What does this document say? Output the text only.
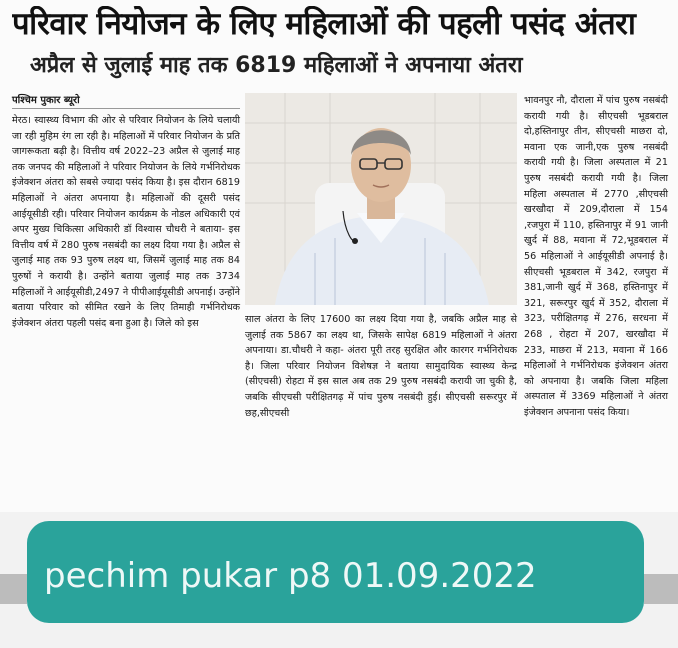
परिवार नियोजन के लिए महिलाओं की पहली पसंद अंतरा
अप्रैल से जुलाई माह तक 6819 महिलाओं ने अपनाया अंतरा
पश्चिम पुकार ब्यूरो

मेरठ। स्वास्थ्य विभाग की ओर से परिवार नियोजन के लिये चलायी जा रही मुहिम रंग ला रही है। महिलाओं में परिवार नियोजन के प्रति जागरूकता बढ़ी है। वित्तीय वर्ष 2022–23 अप्रैल से जुलाई माह तक जनपद की महिलाओं ने परिवार नियोजन के लिये गर्भनिरोधक इंजेक्शन अंतरा को सबसे ज्यादा पसंद किया है। इस दौरान 6819 महिलाओं ने अंतरा अपनाया है। महिलाओं की दूसरी पसंद आईयूसीडी रही। परिवार नियोजन कार्यक्रम के नोडल अधिकारी एवं अपर मुख्य चिकित्सा अधिकारी डॉ विश्वास चौधरी ने बताया- इस वित्तीय वर्ष में 280 पुरुष नसबंदी का लक्ष्य दिया गया है। अप्रैल से जुलाई माह तक 93 पुरुष लक्ष्य था, जिसमें जुलाई माह तक 84 पुरुषों ने करायी है। उन्होंने बताया जुलाई माह तक 3734 महिलाओं ने आईयूसीडी,2497 ने पीपीआईयूसीडी अपनाई। उन्होंने बताया परिवार को सीमित रखने के लिए तिमाही गर्भनिरोधक इंजेक्शन अंतरा पहली पसंद बना हुआ है। जिले को इस	साल अंतरा के लिए 17600 का लक्ष्य दिया गया है, जबकि अप्रैल माह से जुलाई तक 5867 का लक्ष्य था, जिसके सापेक्ष 6819 महिलाओं ने अंतरा अपनाया। डा.चौधरी ने कहा- अंतरा पूरी तरह सुरक्षित और कारगर गर्भनिरोधक है। जिला परिवार नियोजन विशेषज्ञ ने बताया सामुदायिक स्वास्थ्य केन्द्र (सीएचसी) रोहटा में इस साल अब तक 29 पुरुष नसबंदी करायी जा चुकी है, जबकि सीएचसी परीक्षितगढ़ में पांच पुरुष नसबंदी हुई। सीएचसी सरूरपुर में छह,सीएचसी

भावनपुर नौ, दौराला में पांच पुरुष नसबंदी करायी गयी है। सीएचसी भूडबराल दो,हस्तिनापुर तीन, सीएचसी माछरा दो, मवाना एक जानी,एक पुरुष नसबंदी करायी गयी है। जिला अस्पताल में 21 पुरुष नसबंदी करायी गयी है। जिला महिला अस्पताल में 2770 ,सीएचसी खरखौदा में 209,दौराला में 154 ,रजपुरा में 110, हस्तिनापुर में 91 जानी खुर्द में 88, मवाना में 72,भूडबराल में 56 महिलाओं ने आईयूसीडी अपनाई है। सीएचसी भूडबराल में 342, रजपुरा में 381,जानी खुर्द में 368, हस्तिनापुर में 321, सरूरपुर खुर्द में 352, दौराला में 323, परीक्षितगढ़ में 276, सरधना में 268 , रोहटा में 207, खरखौदा में 233, माछरा में 213, मवाना में 166 महिलाओं ने गर्भनिरोधक इंजेक्शन अंतरा को अपनाया है। जबकि जिला महिला अस्पताल में 3369 महिलाओं ने अंतरा इंजेक्शन अपनाना पसंद किया।

pechim pukar p8 01.09.2022
